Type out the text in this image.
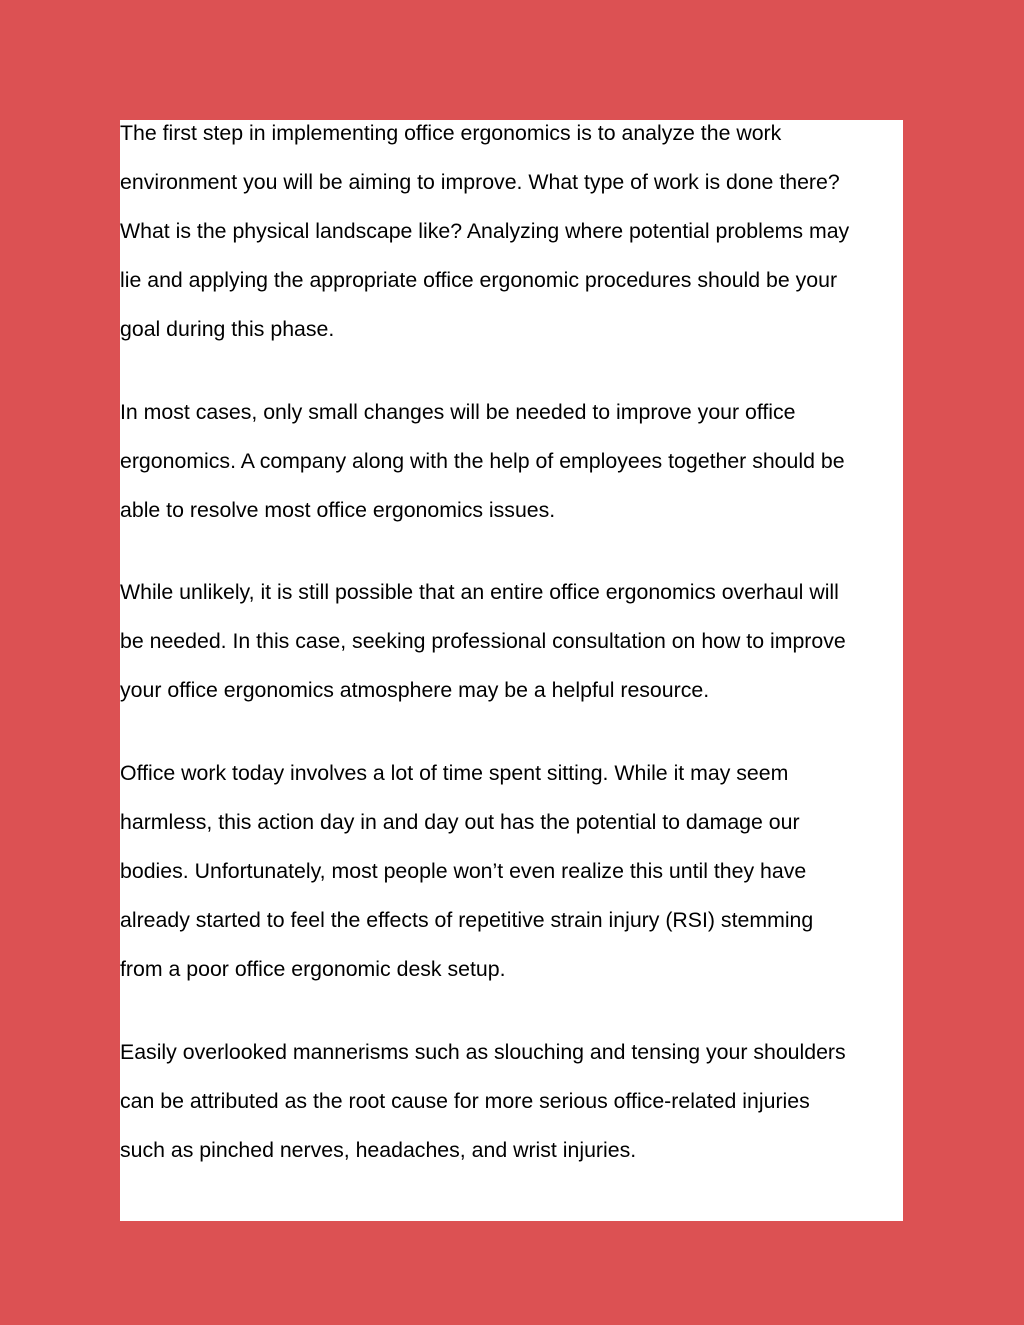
The first step in implementing office ergonomics is to analyze the work
environment you will be aiming to improve. What type of work is done there?
What is the physical landscape like? Analyzing where potential problems may
lie and applying the appropriate office ergonomic procedures should be your
goal during this phase.
In most cases, only small changes will be needed to improve your office
ergonomics. A company along with the help of employees together should be
able to resolve most office ergonomics issues.
While unlikely, it is still possible that an entire office ergonomics overhaul will
be needed. In this case, seeking professional consultation on how to improve
your office ergonomics atmosphere may be a helpful resource.
Office work today involves a lot of time spent sitting. While it may seem
harmless, this action day in and day out has the potential to damage our
bodies. Unfortunately, most people won’t even realize this until they have
already started to feel the effects of repetitive strain injury (RSI) stemming
from a poor office ergonomic desk setup.
Easily overlooked mannerisms such as slouching and tensing your shoulders
can be attributed as the root cause for more serious office-related injuries
such as pinched nerves, headaches, and wrist injuries.
